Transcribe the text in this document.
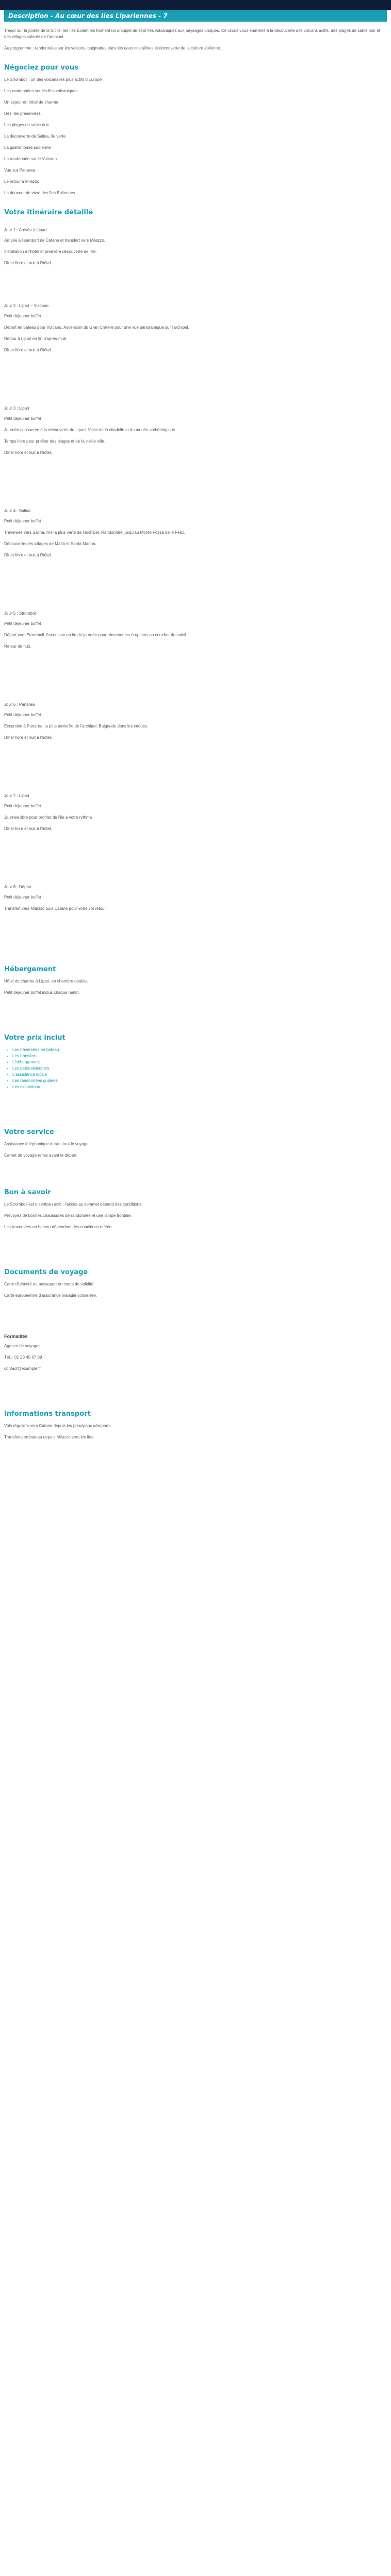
Description - Au cœur des Iles Lipariennes - 7

Trésor sur la pointe de la Sicile, les îles Éoliennes forment un archipel de sept îles volcaniques aux paysages uniques. Ce circuit vous emmène à la découverte des volcans actifs, des plages de sable noir et des villages colorés de l'archipel.

Au programme : randonnées sur les volcans, baignades dans les eaux cristallines et découverte de la culture éolienne.

Négociez pour vous

Le Stromboli : un des volcans les plus actifs d'Europe

Les randonnées sur les îles volcaniques

Un séjour en hôtel de charme

Des îles préservées

Les plages de sable noir

La découverte de Salina, île verte

La gastronomie sicilienne

La randonnée sur le Vulcano

Vue sur Panarea

Le retour à Milazzo

La douceur de vivre des îles Éoliennes

Votre itinéraire détaillé
Jour 1 : Arrivée à Lipari

Arrivée à l'aéroport de Catane et transfert vers Milazzo.

Installation à l'hôtel et première découverte de l'île.

Dîner libre et nuit à l'hôtel.

Jour 2 : Lipari – Vulcano

Petit déjeuner buffet

Départ en bateau pour Vulcano. Ascension du Gran Cratere pour une vue panoramique sur l'archipel.

Retour à Lipari en fin d'après-midi.

Dîner libre et nuit à l'hôtel.

Jour 3 : Lipari

Petit déjeuner buffet

Journée consacrée à la découverte de Lipari. Visite de la citadelle et du musée archéologique.

Temps libre pour profiter des plages et de la vieille ville.

Dîner libre et nuit à l'hôtel.

Jour 4 : Salina

Petit déjeuner buffet

Traversée vers Salina, l'île la plus verte de l'archipel. Randonnée jusqu'au Monte Fossa delle Felci.

Découverte des villages de Malfa et Santa Marina.

Dîner libre et nuit à l'hôtel.

Jour 5 : Stromboli

Petit déjeuner buffet

Départ vers Stromboli. Ascension en fin de journée pour observer les éruptions au coucher du soleil.

Retour de nuit.

Jour 6 : Panarea

Petit déjeuner buffet

Excursion à Panarea, la plus petite île de l'archipel. Baignade dans les criques.

Dîner libre et nuit à l'hôtel.

Jour 7 : Lipari

Petit déjeuner buffet

Journée libre pour profiter de l'île à votre rythme.

Dîner libre et nuit à l'hôtel.

Jour 8 : Départ

Petit déjeuner buffet

Transfert vers Milazzo puis Catane pour votre vol retour.

Hébergement

Hôtel de charme à Lipari, en chambre double.

Petit déjeuner buffet inclus chaque matin.

Votre prix inclut
• Les traversées en bateau
• Les transferts
• L'hébergement
• Les petits déjeuners
• L'assistance locale
• Les randonnées guidées
• Les excursions
Votre service

Assistance téléphonique durant tout le voyage.

Carnet de voyage remis avant le départ.

Bon à savoir

Le Stromboli est un volcan actif : l'accès au sommet dépend des conditions.

Prévoyez de bonnes chaussures de randonnée et une lampe frontale.

Les traversées en bateau dépendent des conditions météo.

Documents de voyage

Carte d'identité ou passeport en cours de validité.

Carte européenne d'assurance maladie conseillée.

Formalités

Agence de voyages

Tél. : 01 23 45 67 89

contact@example.fr

Informations transport

Vols réguliers vers Catane depuis les principaux aéroports.

Transferts en bateau depuis Milazzo vers les îles.
